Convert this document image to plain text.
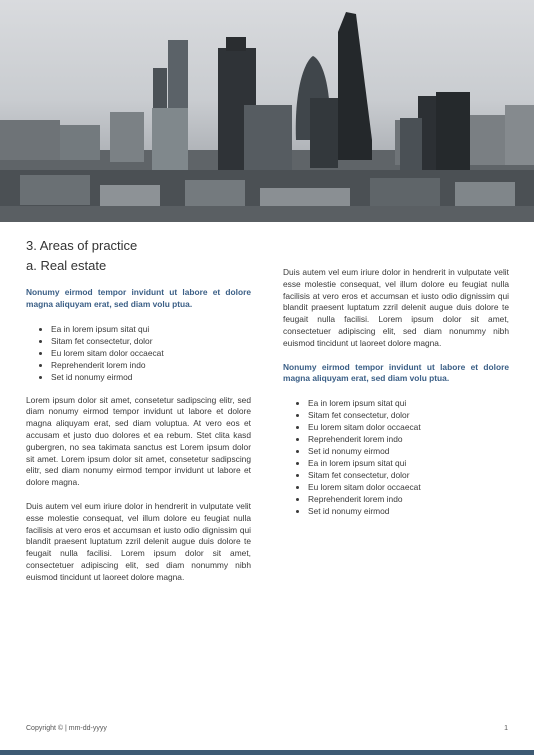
3. Areas of practice
a. Real estate

Nonumy eirmod tempor invidunt ut labore et dolore magna aliquyam erat, sed diam volu ptua.

• Ea in lorem ipsum sitat qui
• Sitam fet consectetur, dolor
• Eu lorem sitam dolor occaecat
• Reprehenderit lorem indo
• Set id nonumy eirmod

Lorem ipsum dolor sit amet, consetetur sadipscing elitr, sed diam nonumy eirmod tempor invidunt ut labore et dolore magna aliquyam erat, sed diam voluptua. At vero eos et accusam et justo duo dolores et ea rebum. Stet clita kasd gubergren, no sea takimata sanctus est Lorem ipsum dolor sit amet. Lorem ipsum dolor sit amet, consetetur sadipscing elitr, sed diam nonumy eirmod tempor invidunt ut labore et dolore magna.

Duis autem vel eum iriure dolor in hendrerit in vulputate velit esse molestie consequat, vel illum dolore eu feugiat nulla facilisis at vero eros et accumsan et iusto odio dignissim qui blandit praesent luptatum zzril delenit augue duis dolore te feugait nulla facilisi. Lorem ipsum dolor sit amet, consectetuer adipiscing elit, sed diam nonummy nibh euismod tincidunt ut laoreet dolore magna.

Duis autem vel eum iriure dolor in hendrerit in vulputate velit esse molestie consequat, vel illum dolore eu feugiat nulla facilisis at vero eros et accumsan et iusto odio dignissim qui blandit praesent luptatum zzril delenit augue duis dolore te feugait nulla facilisi. Lorem ipsum dolor sit amet, consectetuer adipiscing elit, sed diam nonummy nibh euismod tincidunt ut laoreet dolore magna.

Nonumy eirmod tempor invidunt ut labore et dolore magna aliquyam erat, sed diam volu ptua.

• Ea in lorem ipsum sitat qui
• Sitam fet consectetur, dolor
• Eu lorem sitam dolor occaecat
• Reprehenderit lorem indo
• Set id nonumy eirmod
• Ea in lorem ipsum sitat qui
• Sitam fet consectetur, dolor
• Eu lorem sitam dolor occaecat
• Reprehenderit lorem indo
• Set id nonumy eirmod
Copyright © | mm-dd-yyyy	1
